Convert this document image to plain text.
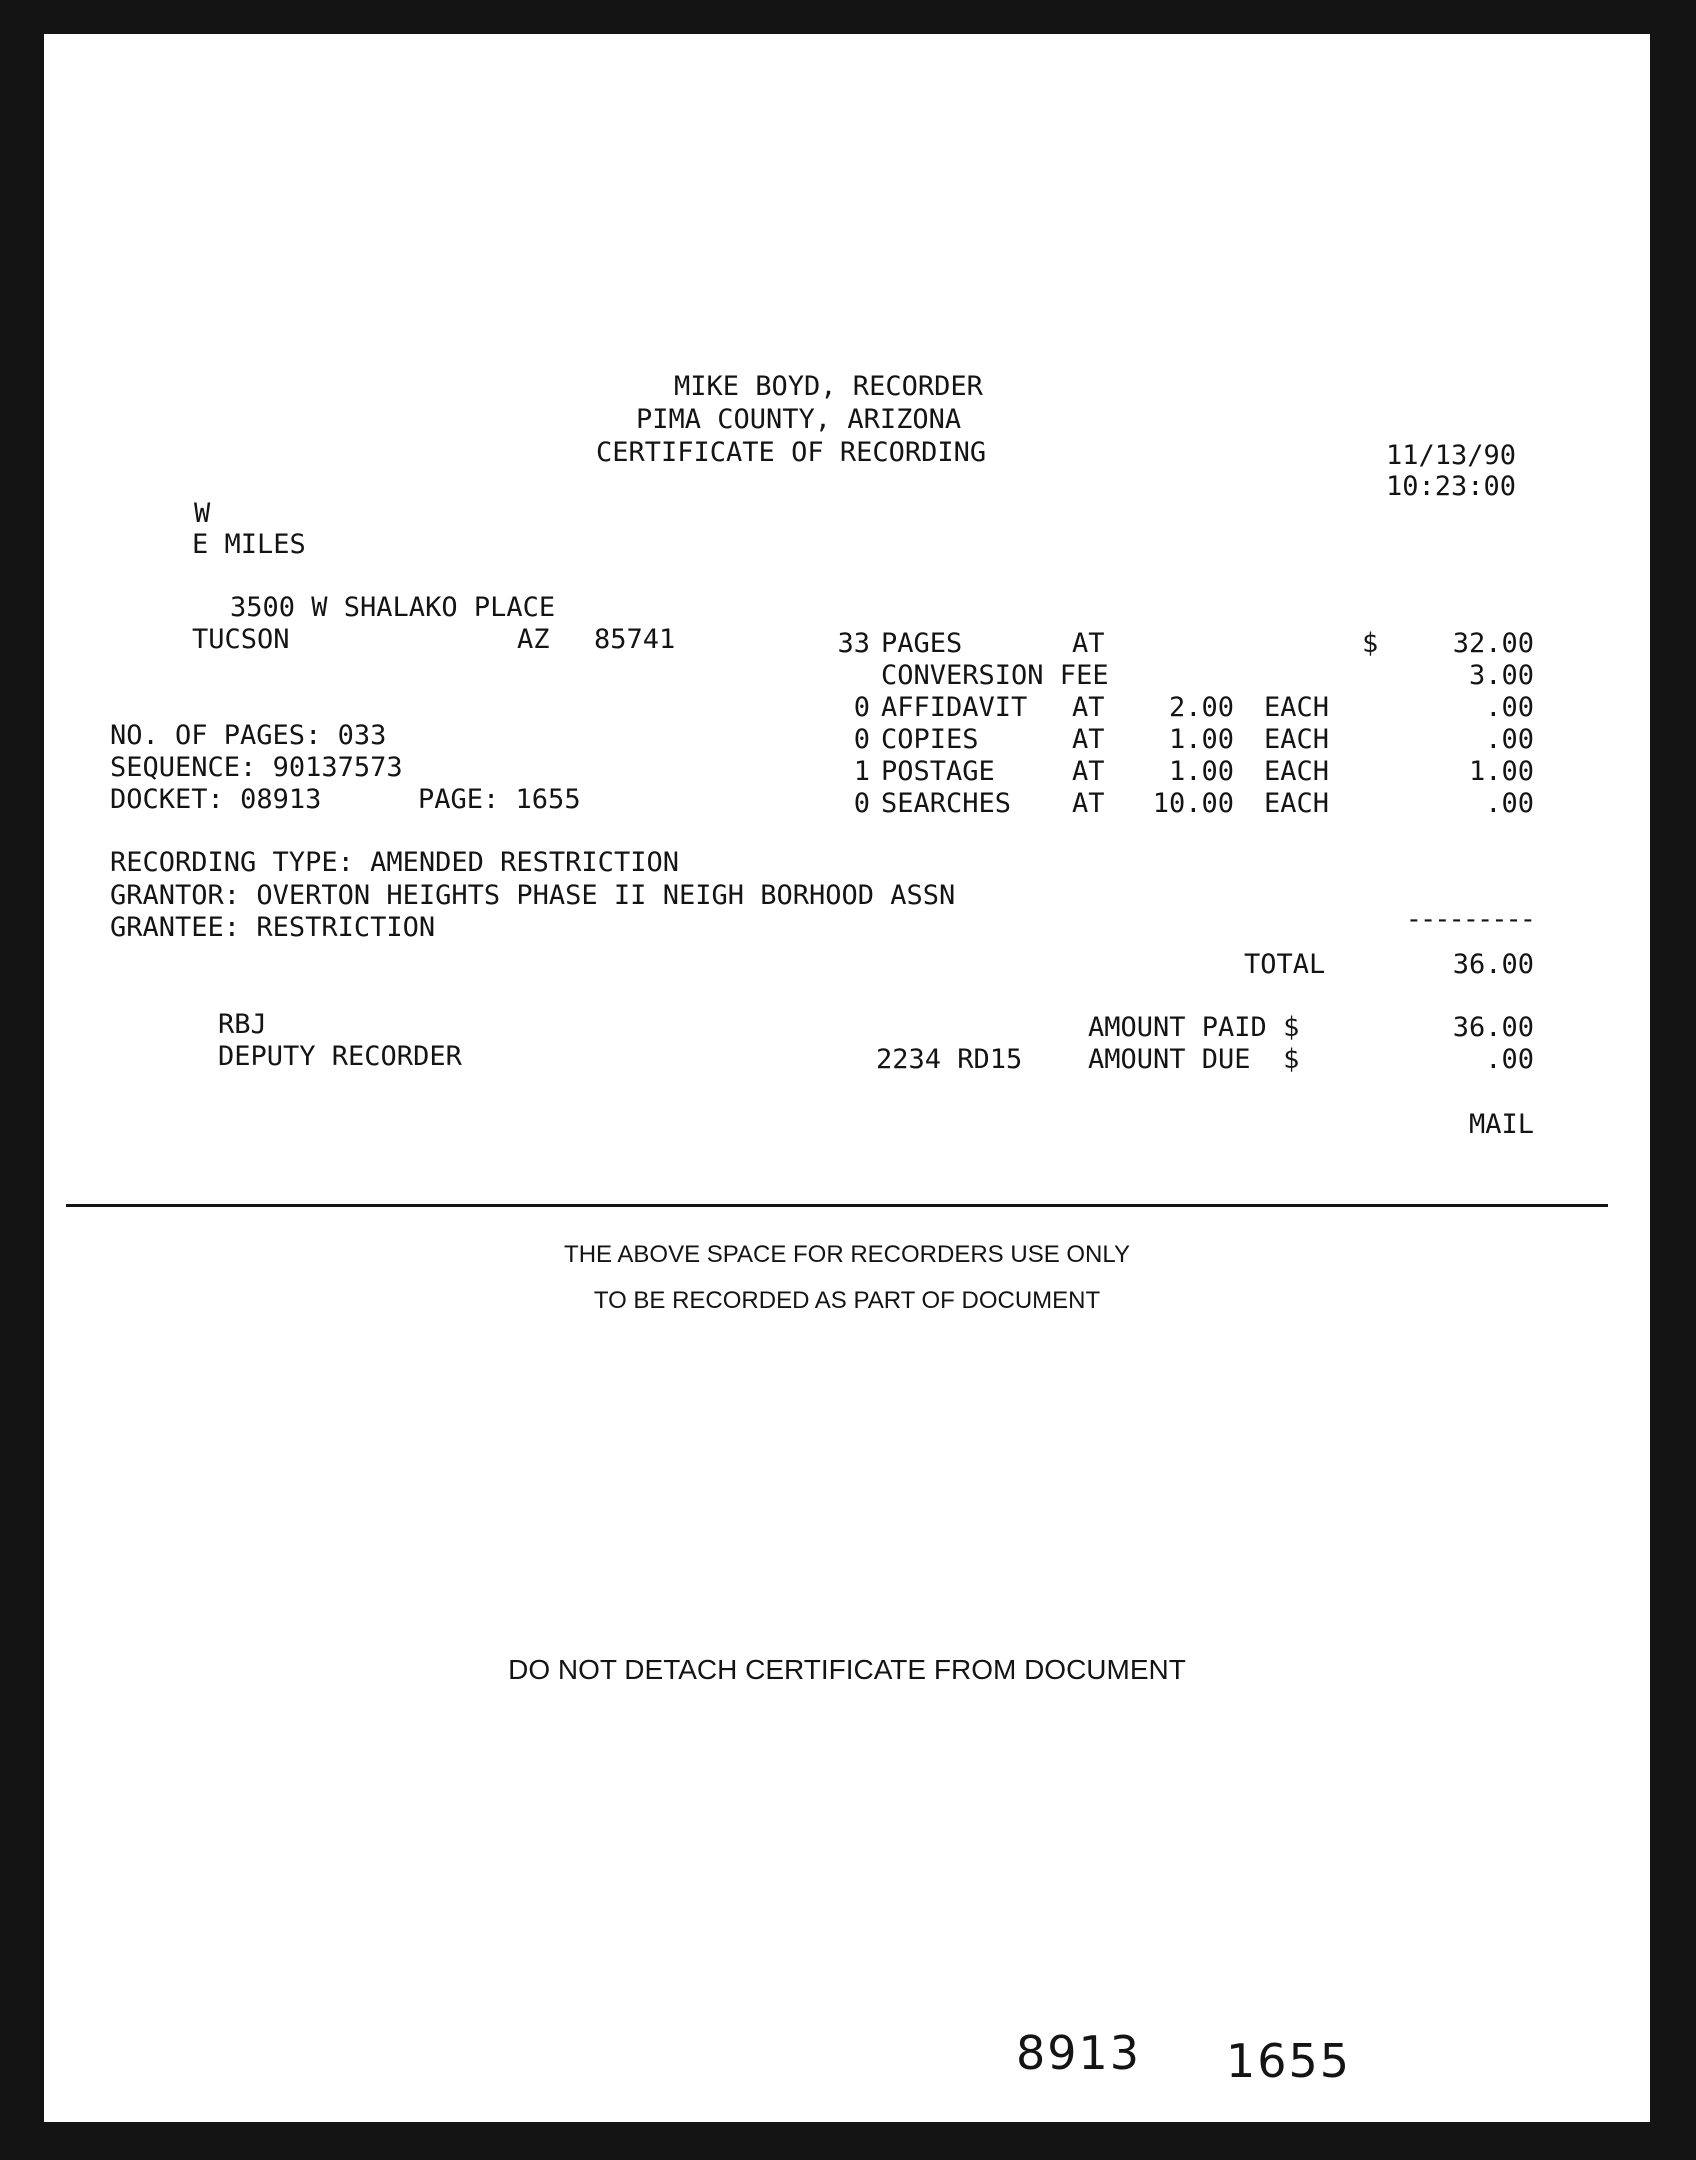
MIKE BOYD, RECORDER
PIMA COUNTY, ARIZONA
CERTIFICATE OF RECORDING	11/13/90
10:23:00
W
E MILES
3500 W SHALAKO PLACE
TUCSON	AZ 85741
NO. OF PAGES: 033
SEQUENCE: 90137573
DOCKET: 08913	PAGE: 1655
RECORDING TYPE: AMENDED RESTRICTION
GRANTOR: OVERTON HEIGHTS PHASE II NEIGH BORHOOD ASSN
GRANTEE: RESTRICTION
33 PAGES	AT	$	32.00
CONVERSION FEE	3.00
0 AFFIDAVIT AT	2.00 EACH	.00
0 COPIES	AT	1.00 EACH	.00
1 POSTAGE	AT	1.00 EACH	1.00
0 SEARCHES AT	10.00 EACH	.00
---------
TOTAL	36.00
RBJ	AMOUNT PAID $	36.00
DEPUTY RECORDER	2234 RD15 AMOUNT DUE  $	.00
MAIL
THE ABOVE SPACE FOR RECORDERS USE ONLY
TO BE RECORDED AS PART OF DOCUMENT
DO NOT DETACH CERTIFICATE FROM DOCUMENT
8913 1655
